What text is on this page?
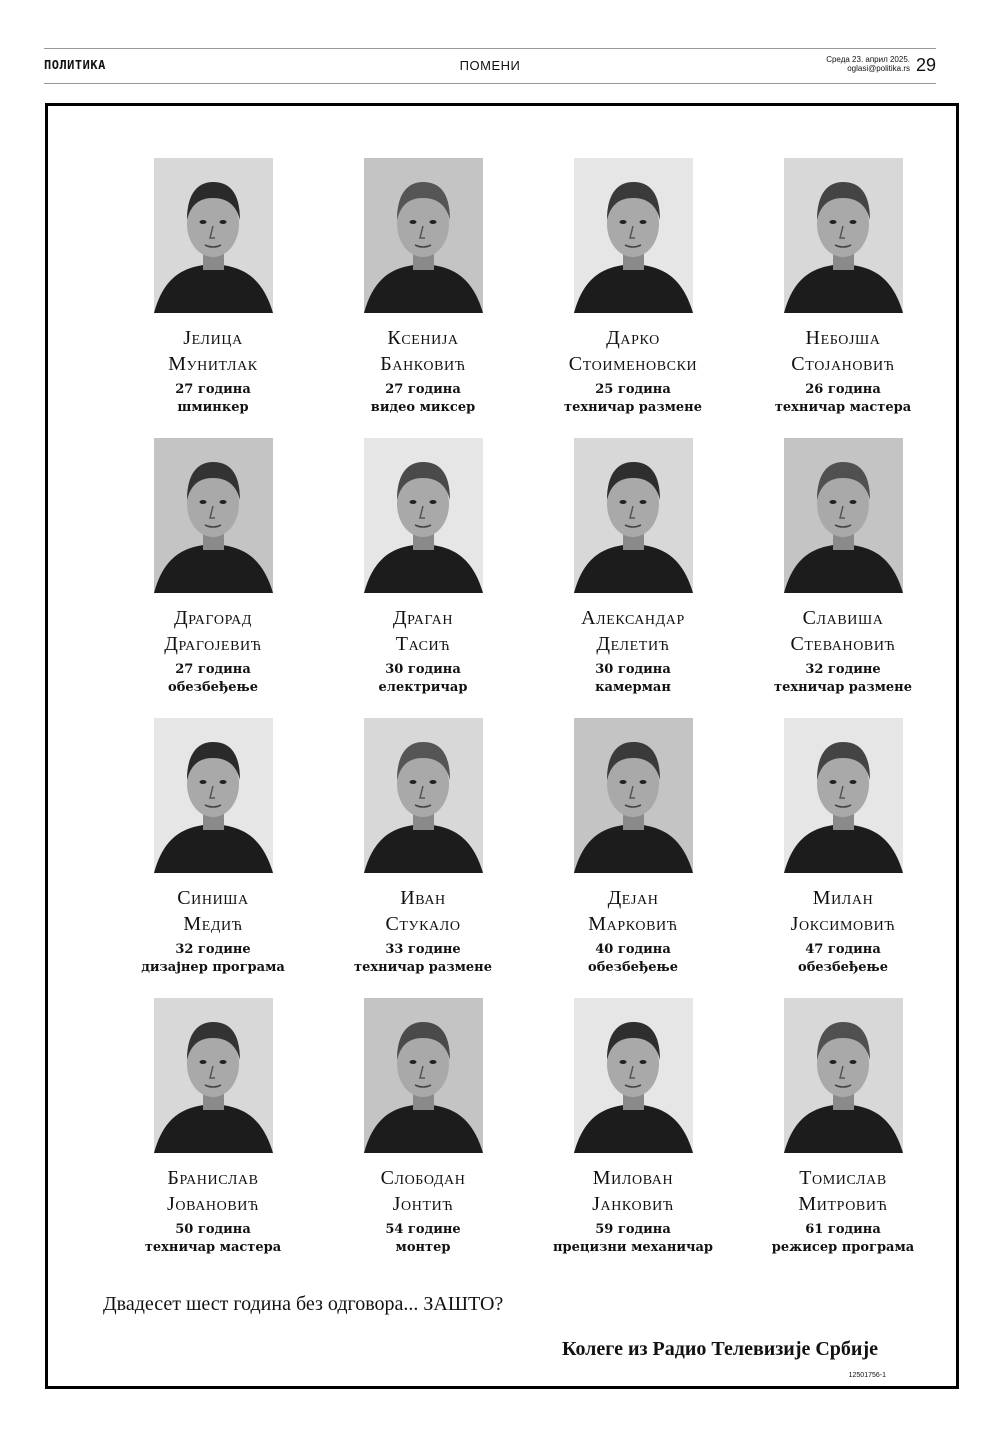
ПОЛИТИКА	ПОМЕНИ	Среда 23. април 2025.
oglasi@politika.rs 29
Јелица
Мунитлак
27 година
шминкер
Ксенија
Банковић
27 година
видео миксер
Дарко
Стоименовски
25 година
техничар размене
Небојша
Стојановић
26 година
техничар мастера
Драгорад
Драгојевић
27 година
обезбеђење
Драган
Тасић
30 година
електричар
Александар
Делетић
30 година
камерман
Славиша
Стевановић
32 године
техничар размене
Синиша
Медић
32 године
дизајнер програма
Иван
Стукало
33 године
техничар размене
Дејан
Марковић
40 година
обезбеђење
Милан
Јоксимовић
47 година
обезбеђење
Бранислав
Јовановић
50 година
техничар мастера
Слободан
Јонтић
54 године
монтер
Милован
Јанковић
59 година
прецизни механичар
Томислав
Митровић
61 година
режисер програма
Двадесет шест година без одговора... ЗАШТО?
Колеге из Радио Телевизије Србије
12501756-1
